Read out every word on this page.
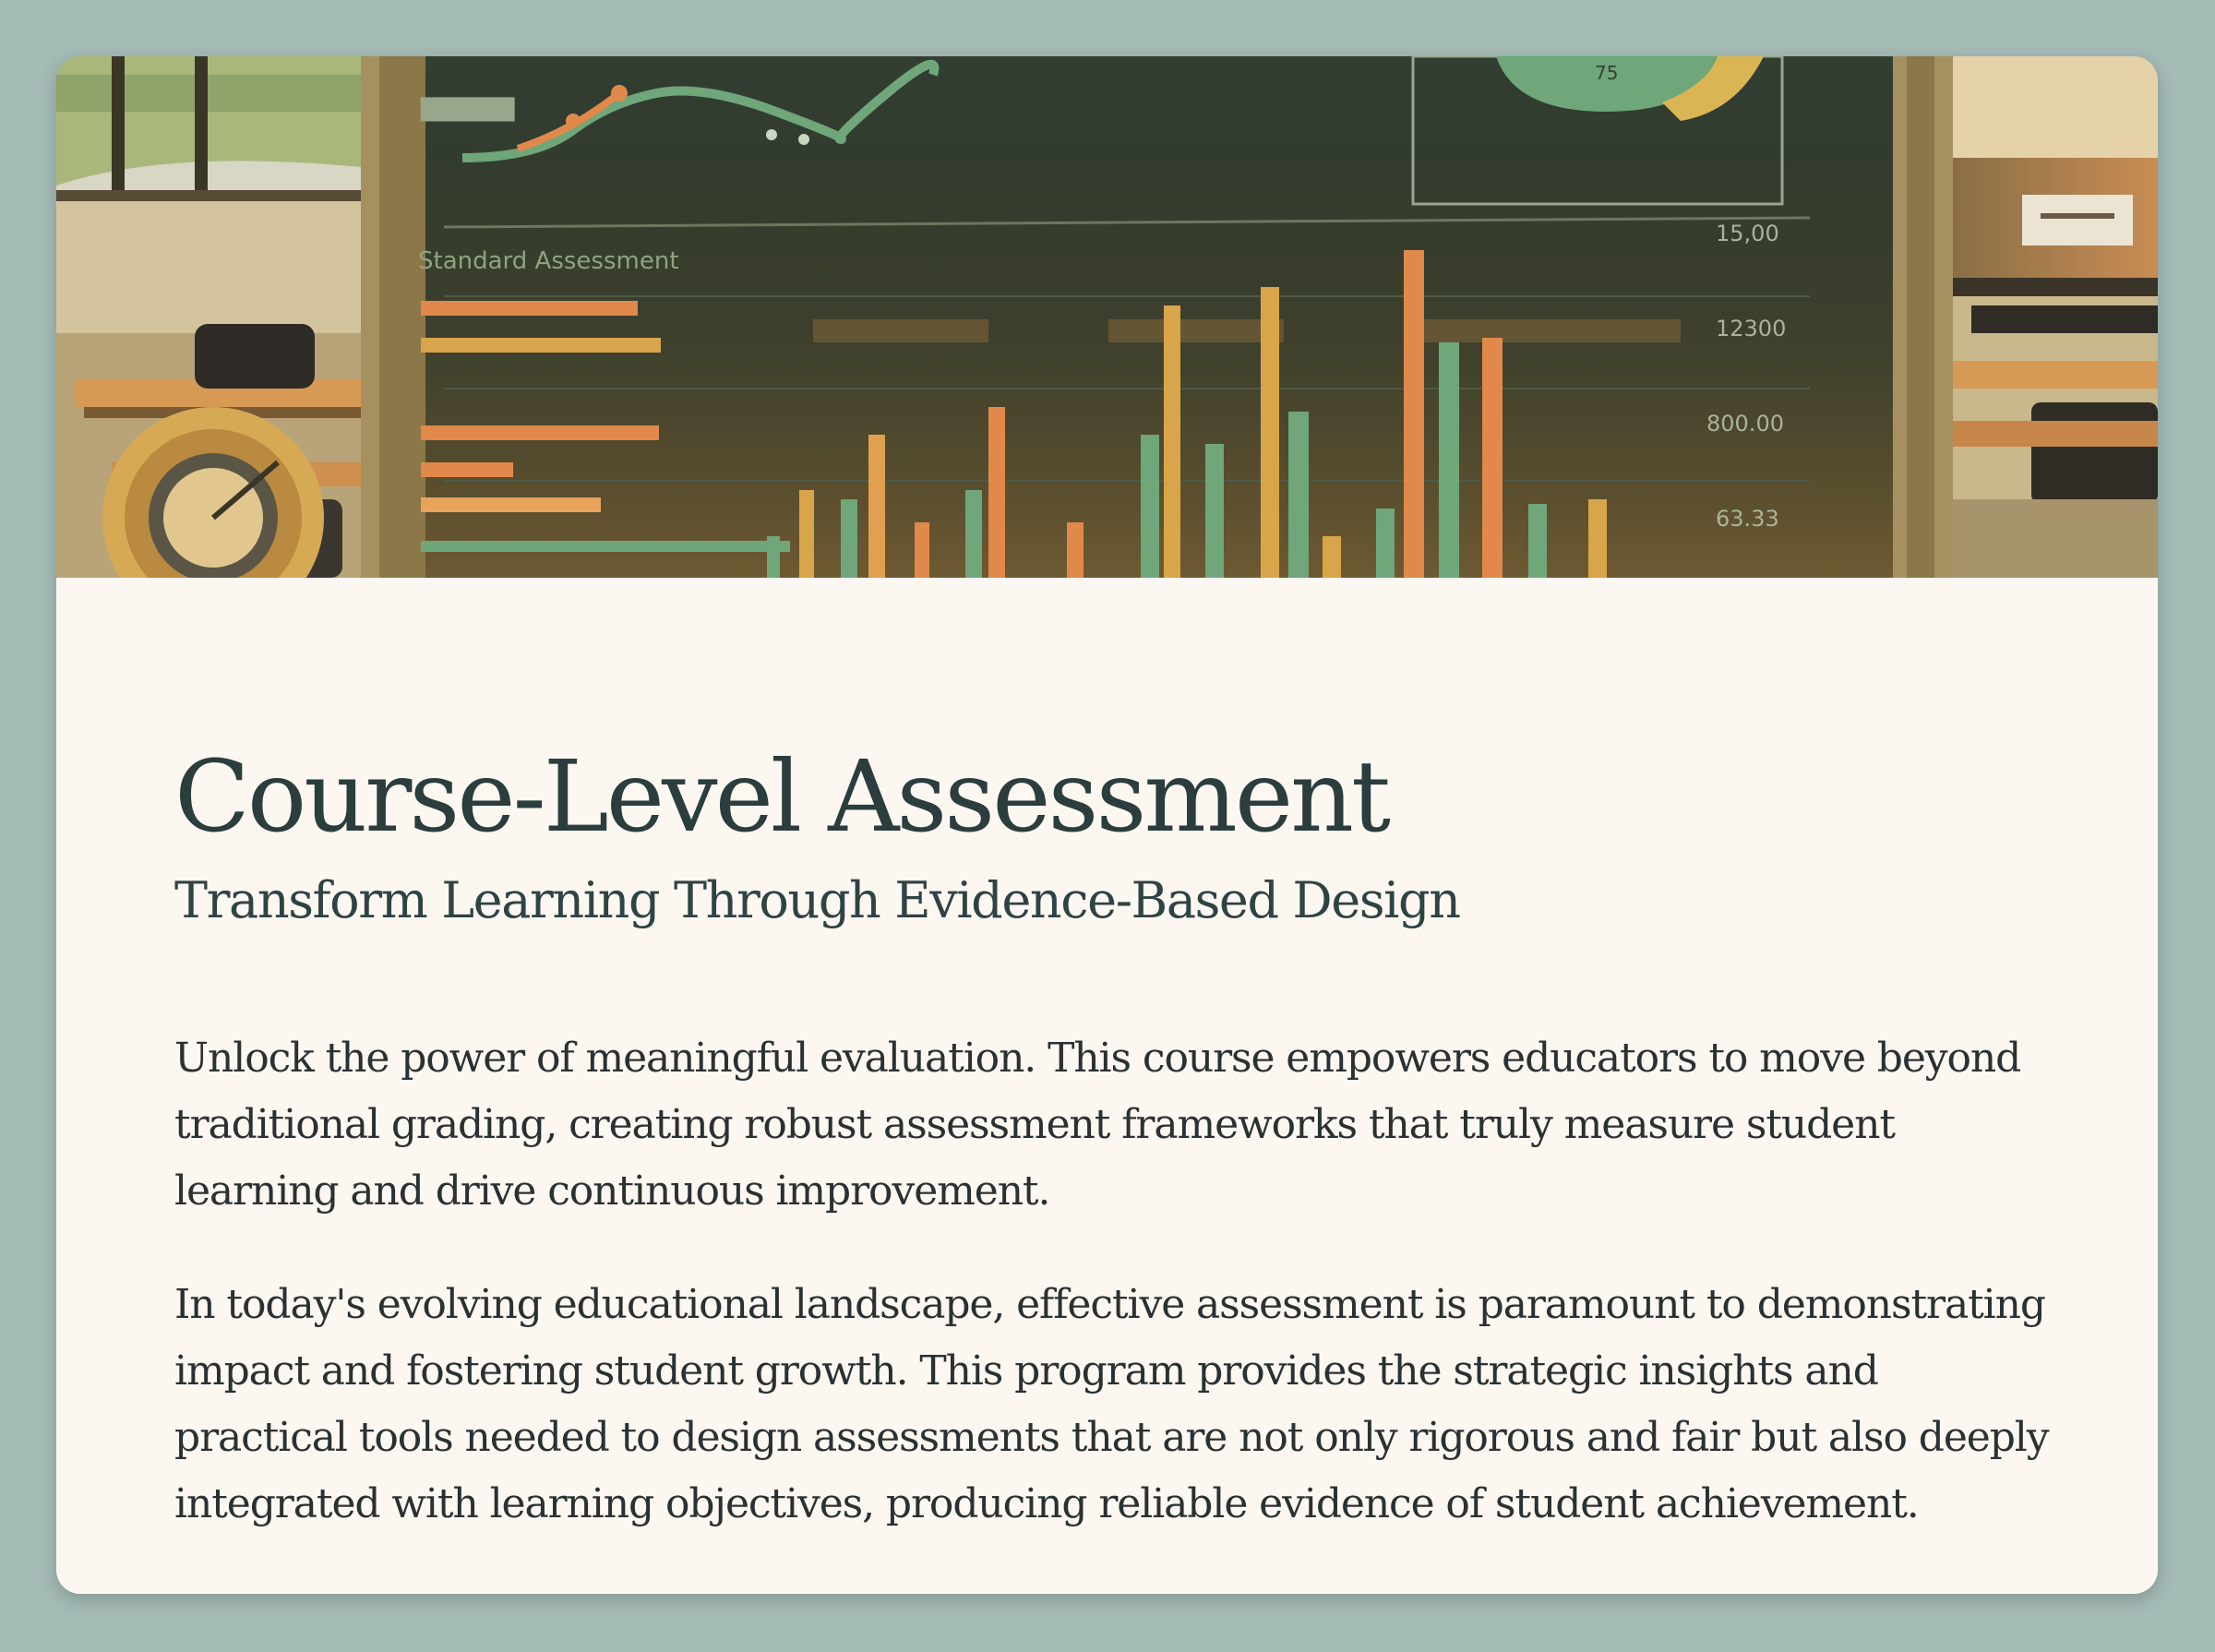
██████
75
Standard Assessment
15,00
12300
800.00
63.33
Course-Level Assessment
Transform Learning Through Evidence-Based Design

Unlock the power of meaningful evaluation. This course empowers educators to move beyond traditional grading, creating robust assessment frameworks that truly measure student learning and drive continuous improvement.

In today's evolving educational landscape, effective assessment is paramount to demonstrating impact and fostering student growth. This program provides the strategic insights and practical tools needed to design assessments that are not only rigorous and fair but also deeply integrated with learning objectives, producing reliable evidence of student achievement.
